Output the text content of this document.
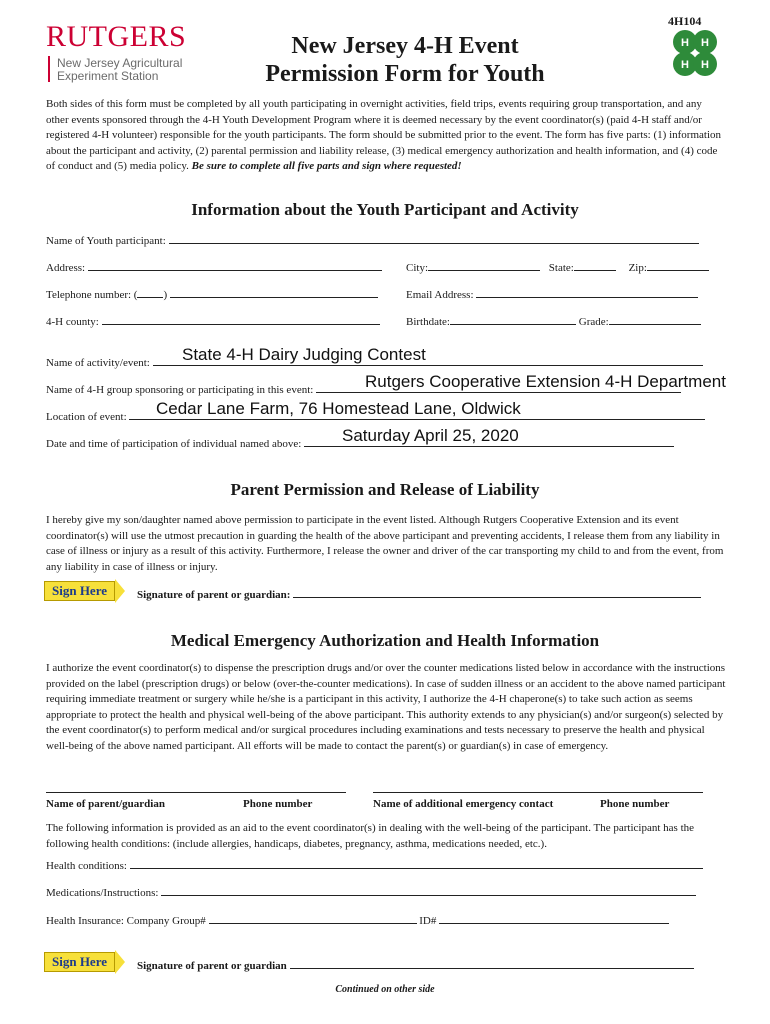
RUTGERS
New Jersey Agricultural
Experiment Station
New Jersey 4-H Event
Permission Form for Youth
4H104
H H
H H
Both sides of this form must be completed by all youth participating in overnight activities, field trips, events requiring group transportation, and any other events sponsored through the 4-H Youth Development Program where it is deemed necessary by the event coordinator(s) (paid 4-H staff and/or registered 4-H volunteer) responsible for the youth participants. The form should be submitted prior to the event. The form has five parts: (1) information about the participant and activity, (2) parental permission and liability release, (3) medical emergency authorization and health information, and (4) code of conduct and (5) media policy. Be sure to complete all five parts and sign where requested!
Information about the Youth Participant and Activity
Name of Youth participant:
Address:	City:	State:	Zip:
Telephone number: ( )	Email Address:
4-H county:	Birthdate:	Grade:
Name of activity/event:	State 4-H Dairy Judging Contest
Name of 4-H group sponsoring or participating in this event:	Rutgers Cooperative Extension 4-H Department
Location of event:	Cedar Lane Farm, 76 Homestead Lane, Oldwick
Date and time of participation of individual named above:	Saturday April 25, 2020
Parent Permission and Release of Liability
I hereby give my son/daughter named above permission to participate in the event listed. Although Rutgers Cooperative Extension and its event coordinator(s) will use the utmost precaution in guarding the health of the above participant and preventing accidents, I release them from any liability in case of illness or injury as a result of this activity. Furthermore, I release the owner and driver of the car transporting my child to and from the event, from any liability in case of illness or injury.
Sign Here	Signature of parent or guardian:
Medical Emergency Authorization and Health Information
I authorize the event coordinator(s) to dispense the prescription drugs and/or over the counter medications listed below in accordance with the instructions provided on the label (prescription drugs) or below (over-the-counter medications). In case of sudden illness or an accident to the above named participant requiring immediate treatment or surgery while he/she is a participant in this activity, I authorize the 4-H chaperone(s) to take such action as seems appropriate to protect the health and physical well-being of the above participant. This authority extends to any physician(s) and/or surgeon(s) selected by the event coordinator(s) to perform medical and/or surgical procedures including examinations and tests necessary to preserve the health and physical well-being of the above named participant. All efforts will be made to contact the parent(s) or guardian(s) in case of emergency.
Name of parent/guardian	Phone number	Name of additional emergency contact	Phone number
The following information is provided as an aid to the event coordinator(s) in dealing with the well-being of the participant. The participant has the following health conditions: (include allergies, handicaps, diabetes, pregnancy, asthma, medications needed, etc.).
Health conditions:
Medications/Instructions:
Health Insurance: Company Group#	ID#
Sign Here	Signature of parent or guardian
Continued on other side
